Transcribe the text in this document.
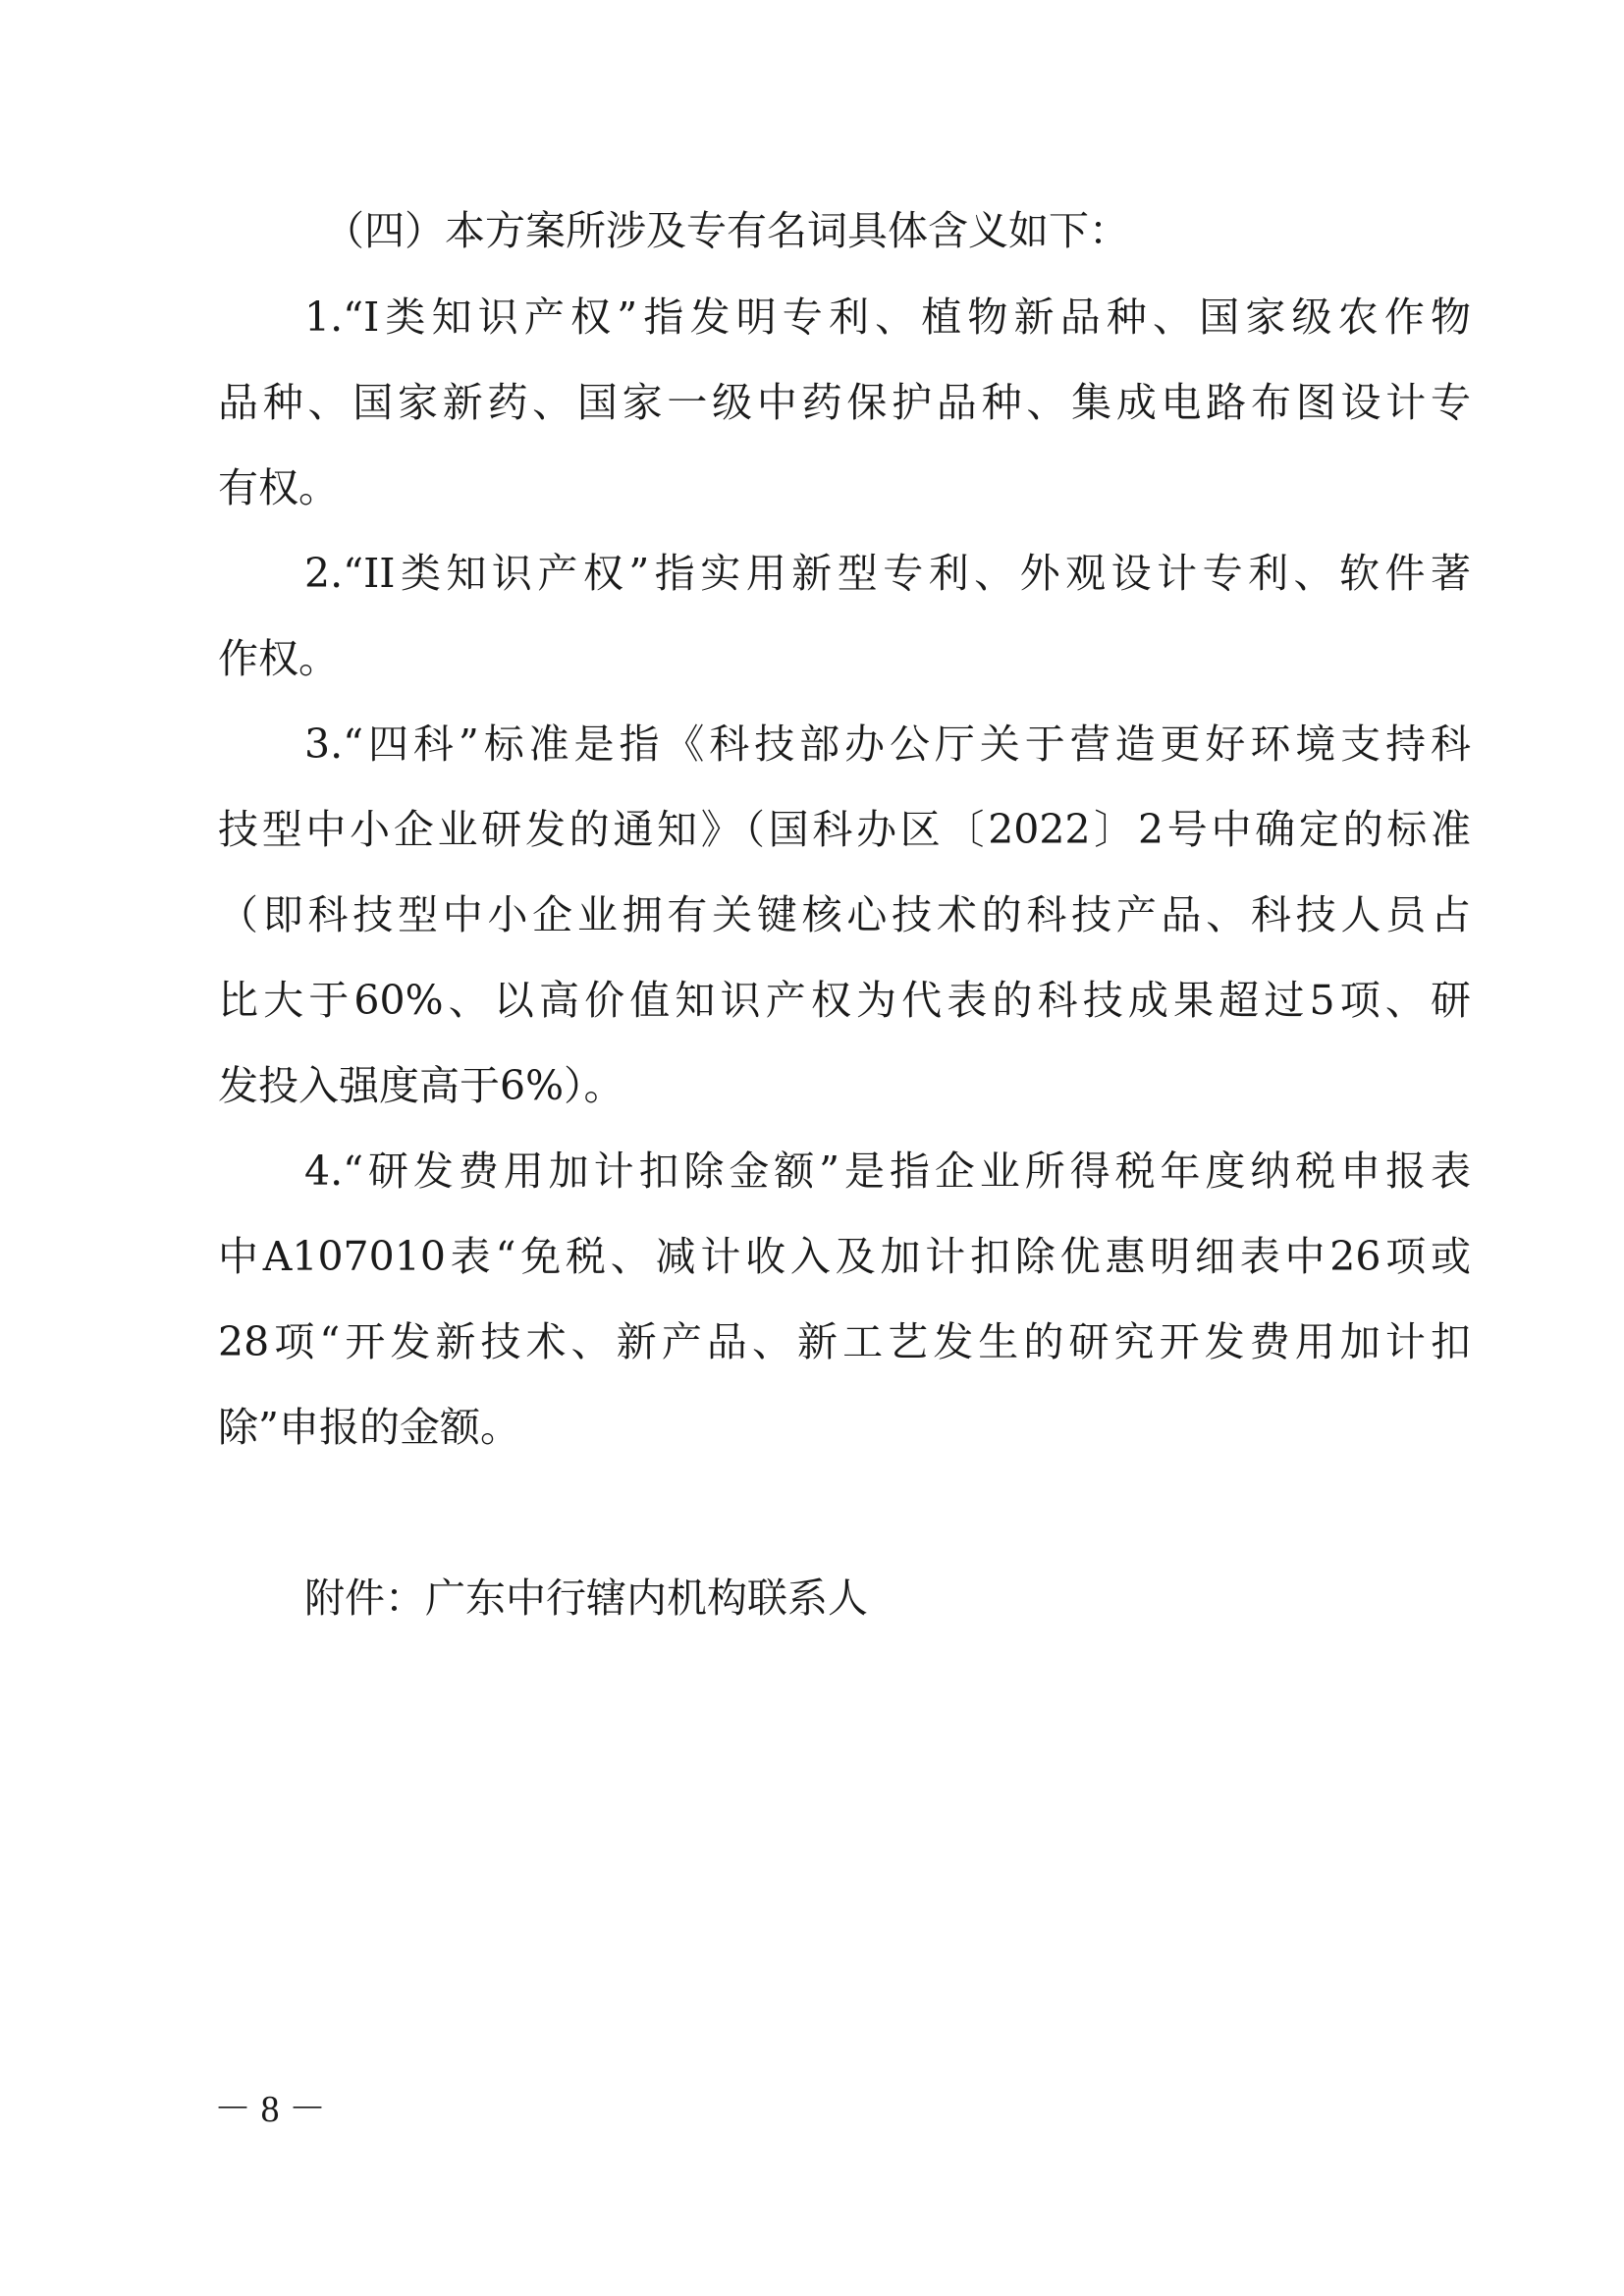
（四）本方案所涉及专有名词具体含义如下：
1.“I类知识产权”指发明专利、植物新品种、国家级农作物
品种、国家新药、国家一级中药保护品种、集成电路布图设计专
有权。
2.“II类知识产权”指实用新型专利、外观设计专利、软件著
作权。
3.“四科”标准是指《科技部办公厅关于营造更好环境支持科
技型中小企业研发的通知》（国科办区〔2022〕2号中确定的标准
（即科技型中小企业拥有关键核心技术的科技产品、科技人员占
比大于60%、以高价值知识产权为代表的科技成果超过5项、研
发投入强度高于6%）。
4.“研发费用加计扣除金额”是指企业所得税年度纳税申报表
中A107010表“免税、减计收入及加计扣除优惠明细表中26项或
28项“开发新技术、新产品、新工艺发生的研究开发费用加计扣
除”申报的金额。
附件：广东中行辖内机构联系人
－ 8 －
